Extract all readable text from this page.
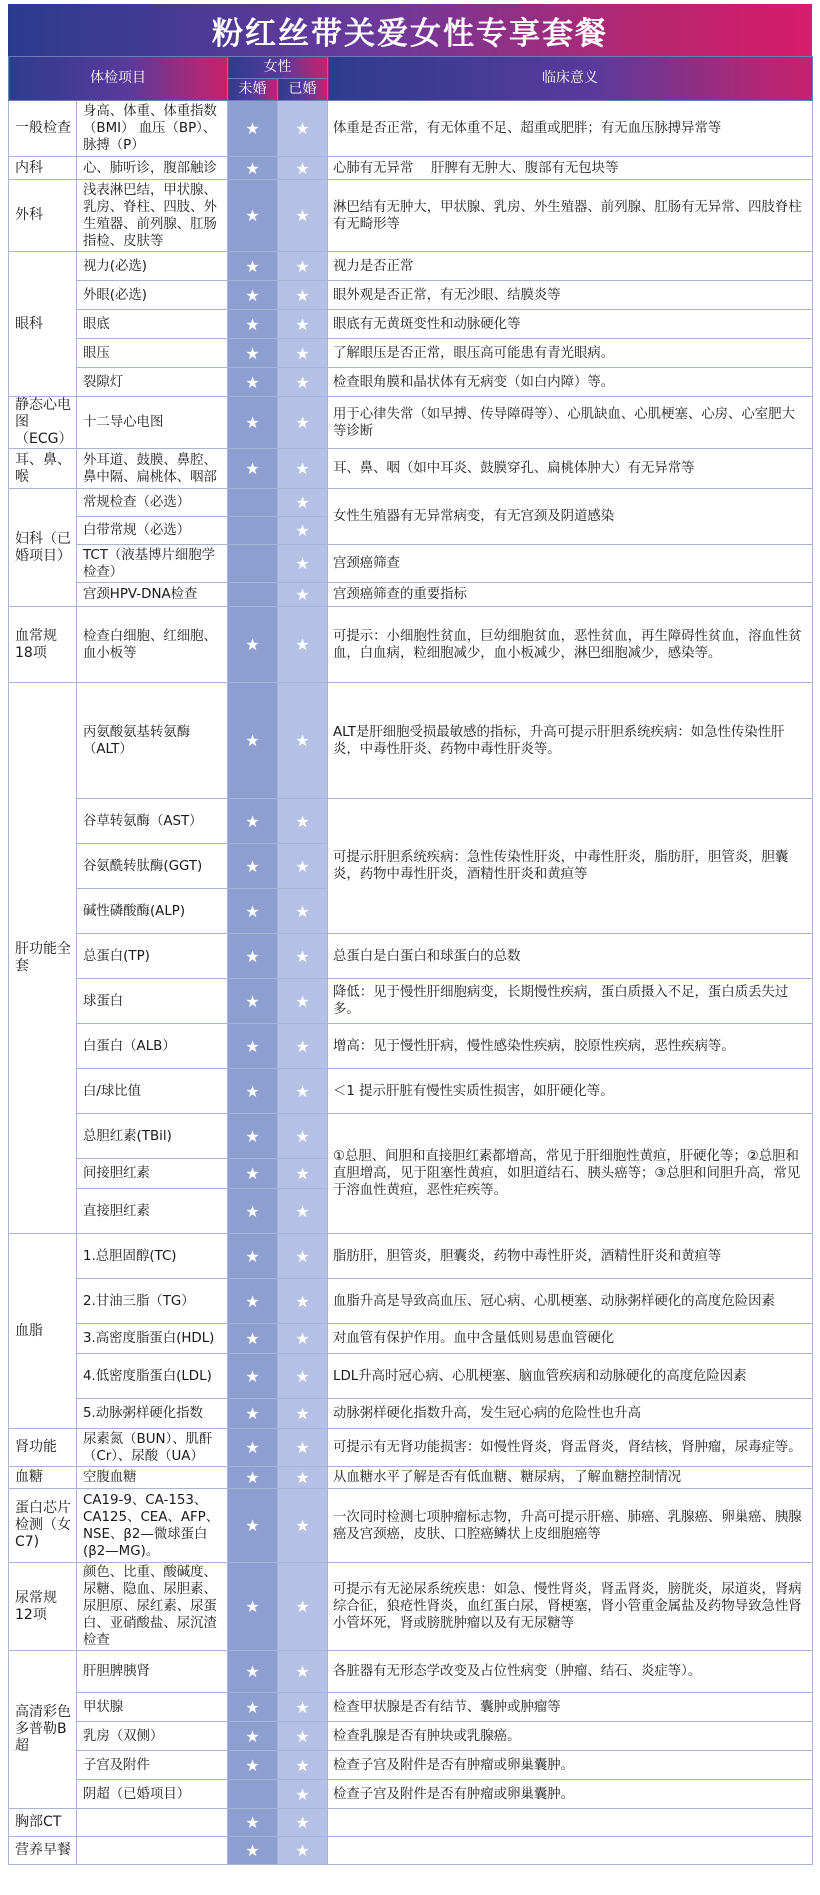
粉红丝带关爱女性专享套餐
体检项目		女性		临床意义
		未婚	已婚	
一般检查	身高、体重、体重指数（BMI） 血压（BP）、脉搏（P）	★	★	体重是否正常，有无体重不足、超重或肥胖；有无血压脉搏异常等
内科	心、肺听诊，腹部触诊	★	★	心肺有无异常　 肝脾有无肿大、腹部有无包块等
外科	浅表淋巴结，甲状腺、乳房、脊柱、四肢、外生殖器、前列腺、肛肠指检、皮肤等	★	★	淋巴结有无肿大，甲状腺、乳房、外生殖器、前列腺、肛肠有无异常、四肢脊柱有无畸形等
眼科	视力(必选)	★	★	视力是否正常
	外眼(必选)	★	★	眼外观是否正常，有无沙眼、结膜炎等
	眼底	★	★	眼底有无黄斑变性和动脉硬化等
	眼压	★	★	了解眼压是否正常，眼压高可能患有青光眼病。
	裂隙灯	★	★	检查眼角膜和晶状体有无病变（如白内障）等。
静态心电图（ECG）	十二导心电图	★	★	用于心律失常（如早搏、传导障碍等）、心肌缺血、心肌梗塞、心房、心室肥大等诊断
耳、鼻、喉	外耳道、鼓膜、鼻腔、鼻中隔、扁桃体、咽部	★	★	耳、鼻、咽（如中耳炎、鼓膜穿孔、扁桃体肿大）有无异常等
妇科（已婚项目）	常规检查（必选）		★	女性生殖器有无异常病变，有无宫颈及阴道感染
	白带常规（必选）		★	
	TCT（液基博片细胞学检查）		★	宫颈癌筛查
	宫颈HPV-DNA检查		★	宫颈癌筛查的重要指标
血常规18项	检查白细胞、红细胞、血小板等	★	★	可提示：小细胞性贫血，巨幼细胞贫血，恶性贫血，再生障碍性贫血，溶血性贫血，白血病，粒细胞减少，血小板减少，淋巴细胞减少，感染等。
肝功能全套	丙氨酸氨基转氨酶（ALT）	★	★	ALT是肝细胞受损最敏感的指标，升高可提示肝胆系统疾病：如急性传染性肝炎，中毒性肝炎、药物中毒性肝炎等。
	谷草转氨酶（AST）	★	★	可提示肝胆系统疾病：急性传染性肝炎，中毒性肝炎，脂肪肝，胆管炎，胆囊炎，药物中毒性肝炎，酒精性肝炎和黄疸等
	谷氨酰转肽酶(GGT)	★	★	
	碱性磷酸酶(ALP)	★	★	
	总蛋白(TP)	★	★	总蛋白是白蛋白和球蛋白的总数
	球蛋白	★	★	降低：见于慢性肝细胞病变，长期慢性疾病，蛋白质摄入不足，蛋白质丢失过多。
	白蛋白（ALB）	★	★	增高：见于慢性肝病，慢性感染性疾病，胶原性疾病，恶性疾病等。
	白/球比值	★	★	＜1 提示肝脏有慢性实质性损害，如肝硬化等。
	总胆红素(TBil)	★	★	①总胆、间胆和直接胆红素都增高，常见于肝细胞性黄疸，肝硬化等；②总胆和直胆增高，见于阻塞性黄疸，如胆道结石、胰头癌等；③总胆和间胆升高，常见于溶血性黄疸，恶性疟疾等。
	间接胆红素	★	★	
	直接胆红素	★	★	
血脂	1.总胆固醇(TC)	★	★	脂肪肝，胆管炎，胆囊炎，药物中毒性肝炎，酒精性肝炎和黄疸等
	2.甘油三脂（TG）	★	★	血脂升高是导致高血压、冠心病、心肌梗塞、动脉粥样硬化的高度危险因素
	3.高密度脂蛋白(HDL)	★	★	对血管有保护作用。血中含量低则易患血管硬化
	4.低密度脂蛋白(LDL)	★	★	LDL升高时冠心病、心肌梗塞、脑血管疾病和动脉硬化的高度危险因素
	5.动脉粥样硬化指数	★	★	动脉粥样硬化指数升高，发生冠心病的危险性也升高
肾功能	尿素氮（BUN）、肌酐（Cr）、尿酸（UA）	★	★	可提示有无肾功能损害：如慢性肾炎，肾盂肾炎，肾结核，肾肿瘤，尿毒症等。
血糖	空腹血糖	★	★	从血糖水平了解是否有低血糖、糖尿病，了解血糖控制情况
蛋白芯片检测（女C7)	CA19-9、CA-153、CA125、CEA、AFP、NSE、β2—微球蛋白(β2—MG)。	★	★	一次同时检测七项肿瘤标志物，升高可提示肝癌、肺癌、乳腺癌、卵巢癌、胰腺癌及宫颈癌，皮肤、口腔癌鳞状上皮细胞癌等
尿常规12项	颜色、比重、酸碱度、尿糖、隐血、尿胆素、尿胆原、尿红素、尿蛋白、亚硝酸盐、尿沉渣检查	★	★	可提示有无泌尿系统疾患：如急、慢性肾炎，肾盂肾炎，膀胱炎，尿道炎，肾病综合征，狼疮性肾炎，血红蛋白尿，肾梗塞，肾小管重金属盐及药物导致急性肾小管坏死，肾或膀胱肿瘤以及有无尿糖等
高清彩色多普勒B超	肝胆脾胰肾	★	★	各脏器有无形态学改变及占位性病变（肿瘤、结石、炎症等）。
	甲状腺	★	★	检查甲状腺是否有结节、囊肿或肿瘤等
	乳房（双侧）	★	★	检查乳腺是否有肿块或乳腺癌。
	子宫及附件	★	★	检查子宫及附件是否有肿瘤或卵巢囊肿。
	阴超（已婚项目）		★	检查子宫及附件是否有肿瘤或卵巢囊肿。
胸部CT		★	★	
营养早餐		★	★	
